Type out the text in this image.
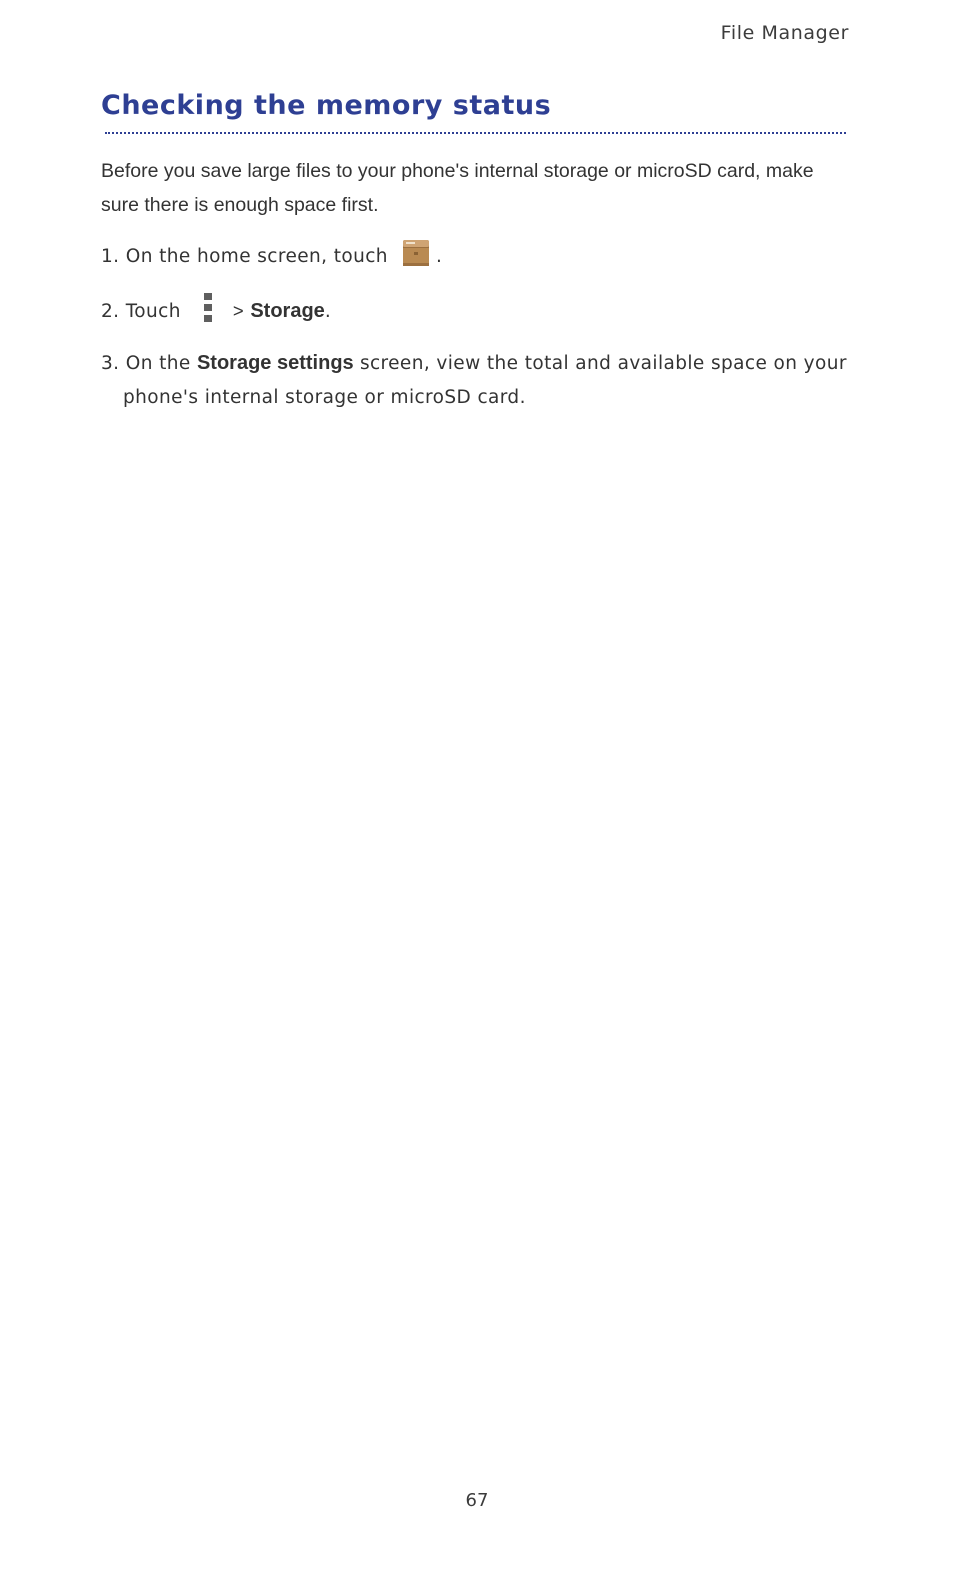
File Manager
Checking the memory status

Before you save large files to your phone's internal storage or microSD card, make sure there is enough space first.

1. On the home screen, touch	.
2. Touch	> Storage.
3. On the Storage settings screen, view the total and available space on your phone's internal storage or microSD card.
67
